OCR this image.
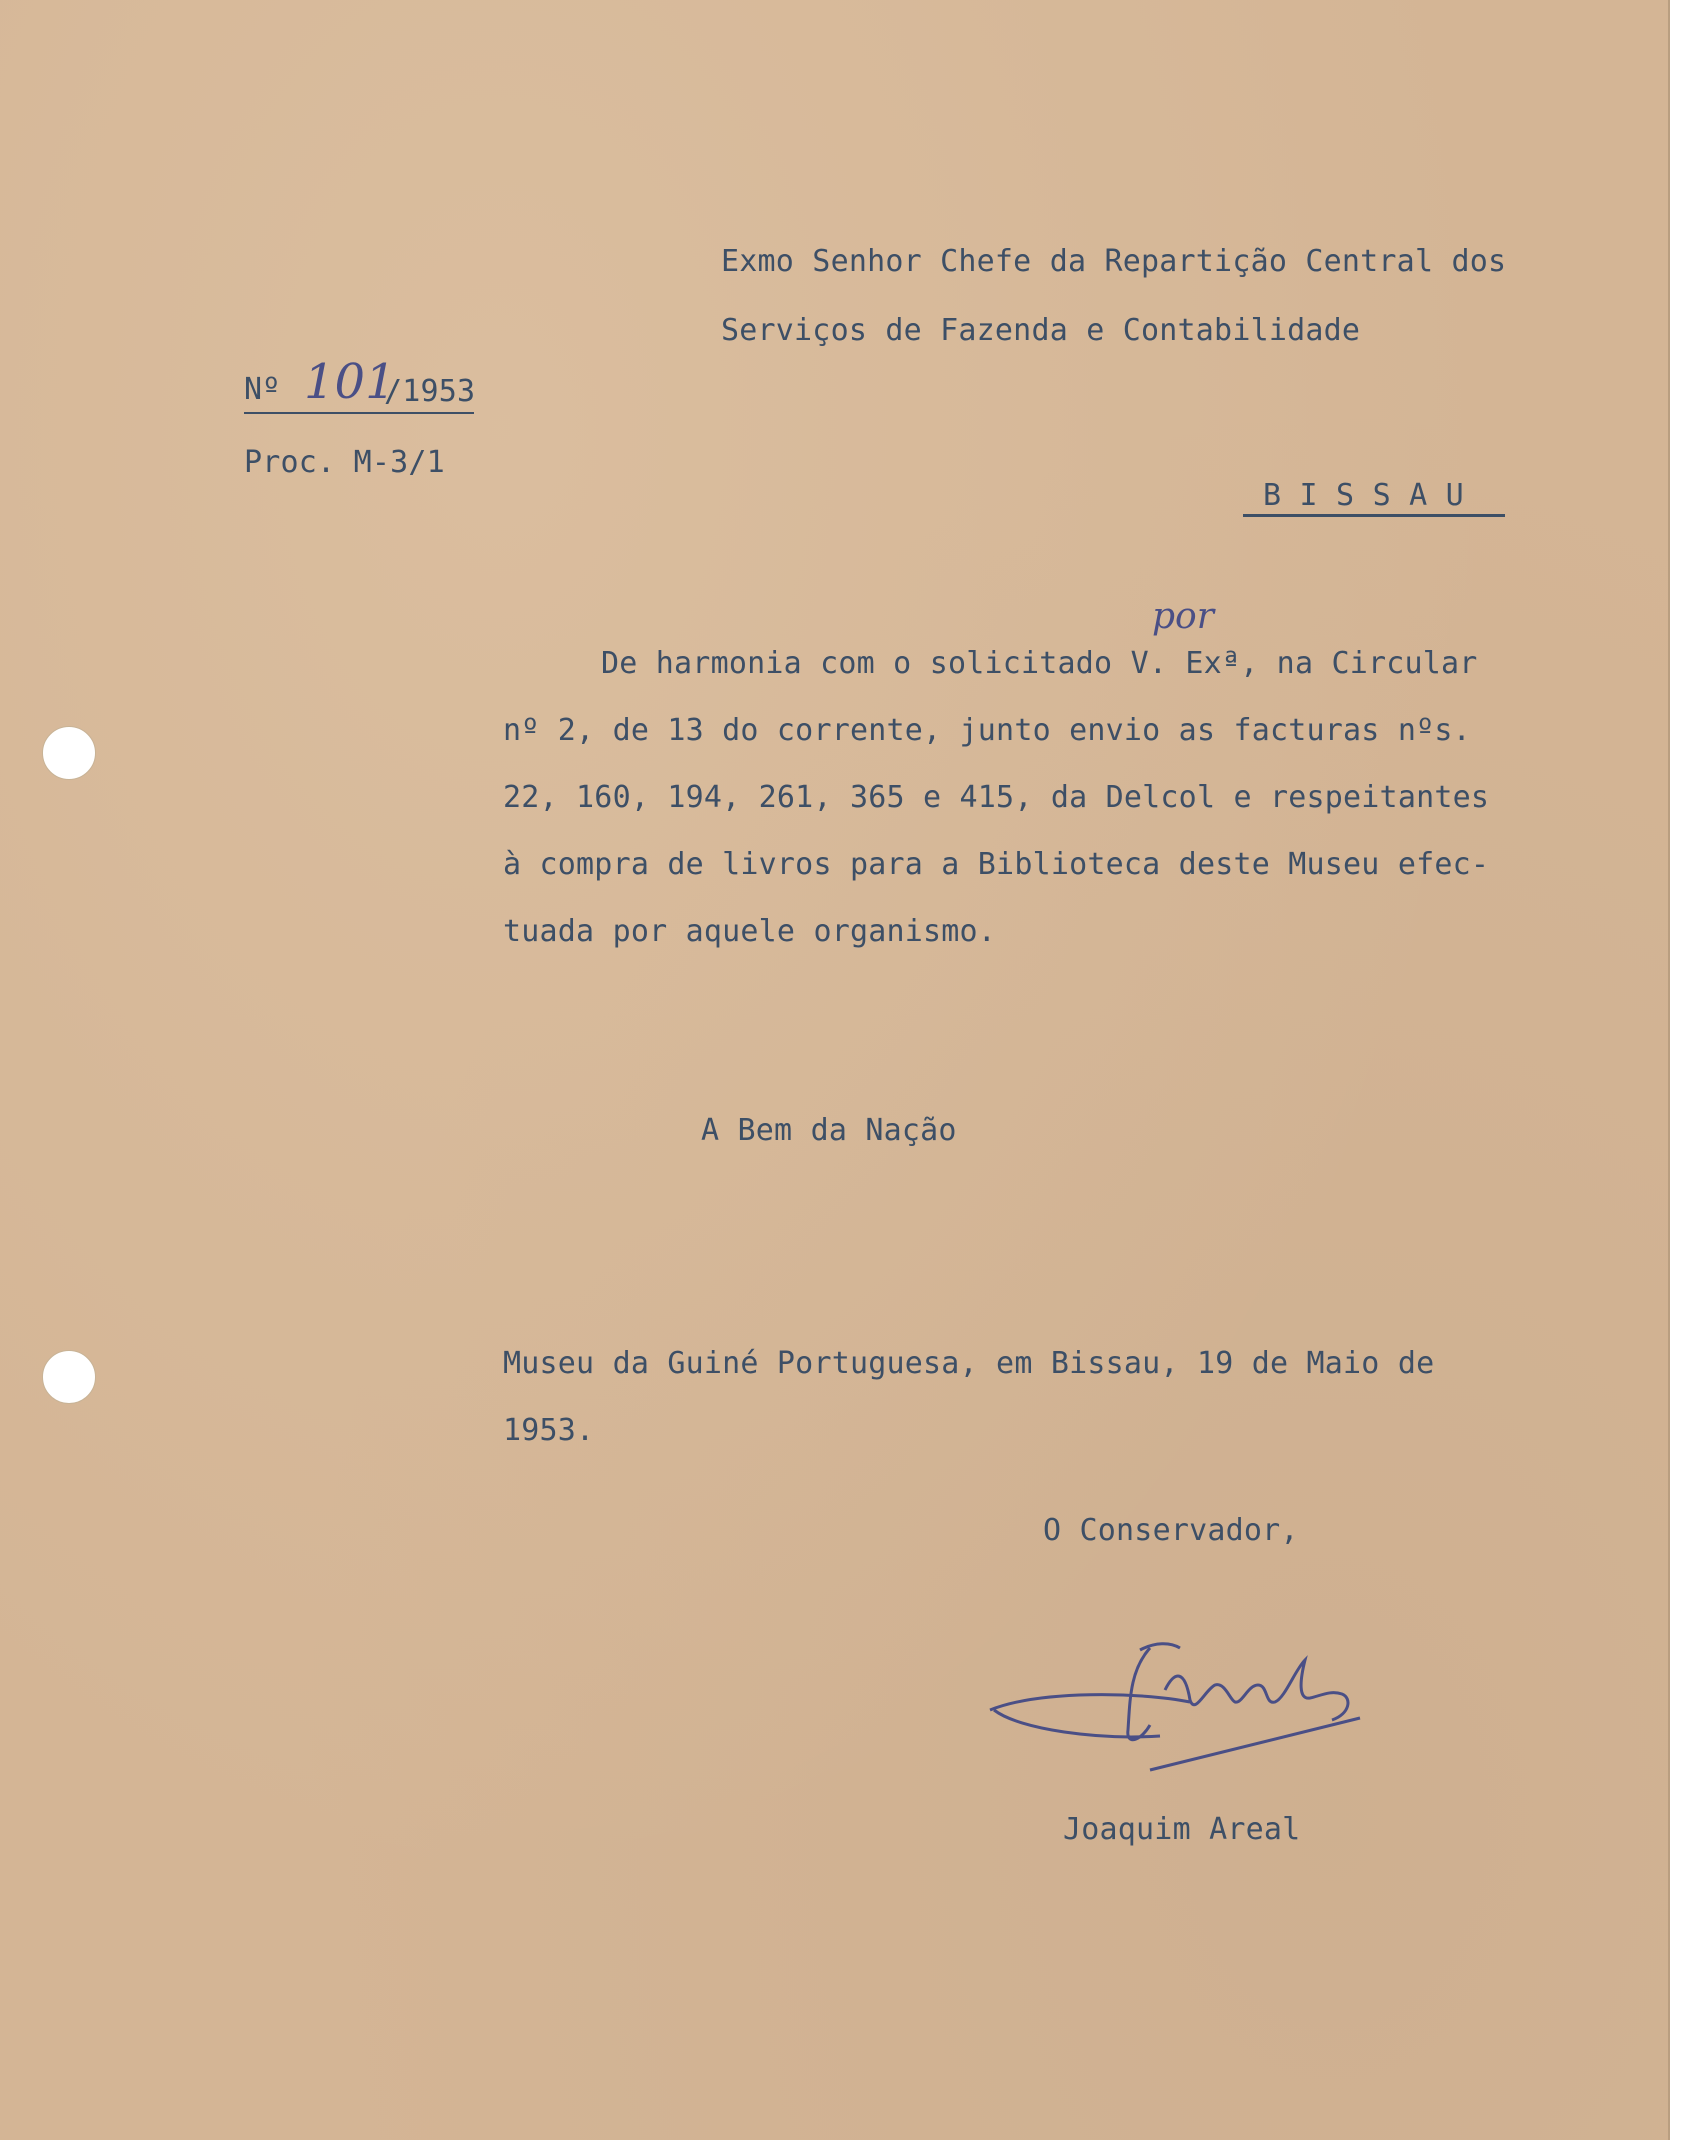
Exmo Senhor Chefe da Repartição Central dos

Serviços de Fazenda e Contabilidade

Nº 101
/1953

Proc. M-3/1

B I S S A U
por

De harmonia com o solicitado V. Exª, na Circular

nº 2, de 13 do corrente, junto envio as facturas nºs.

22, 160, 194, 261, 365 e 415, da Delcol e respeitantes

à compra de livros para a Biblioteca deste Museu efec-

tuada por aquele organismo.

A Bem da Nação

Museu da Guiné Portuguesa, em Bissau, 19 de Maio de

1953.

O Conservador,

Joaquim Areal
